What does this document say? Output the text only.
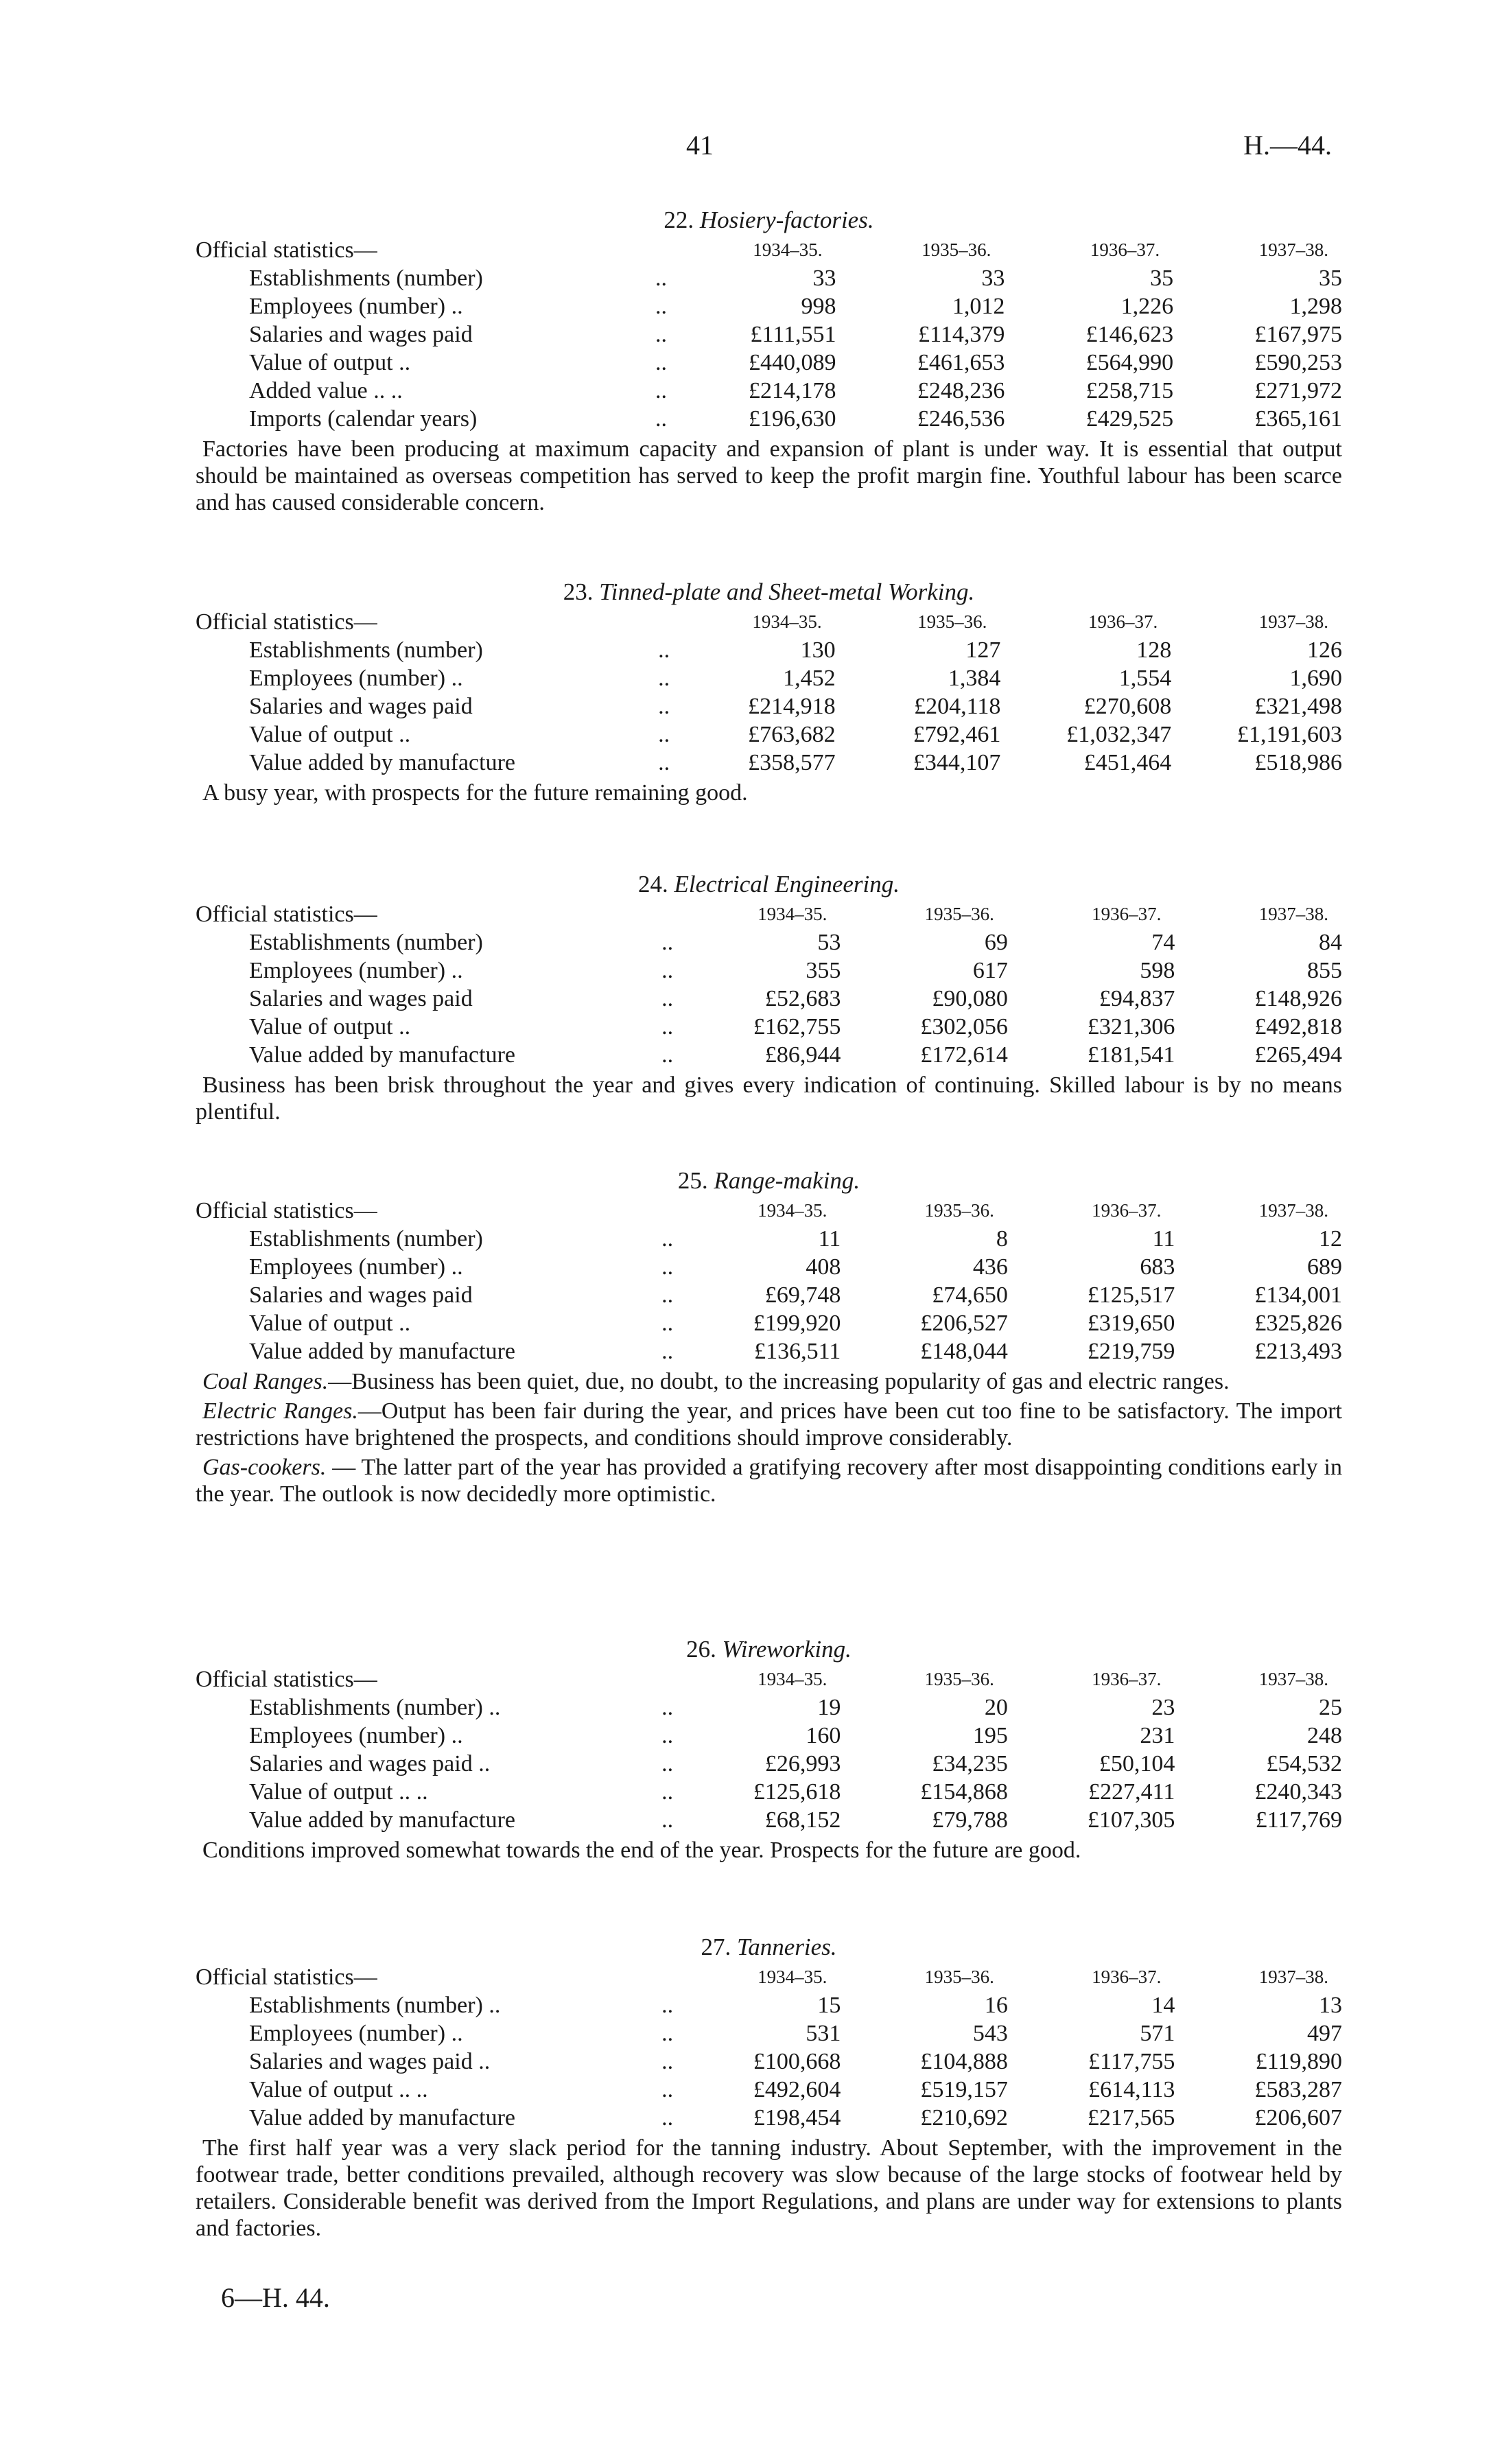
41	H.—44.
22. Hosiery-factories.
Official statistics—		1934–35.	1935–36.	1936–37.	1937–38.
Establishments (number)	..	33	33	35	35
Employees (number) ..	..	998	1,012	1,226	1,298
Salaries and wages paid	..	£111,551	£114,379	£146,623	£167,975
Value of output ..	..	£440,089	£461,653	£564,990	£590,253
Added value .. ..	..	£214,178	£248,236	£258,715	£271,972
Imports (calendar years)	..	£196,630	£246,536	£429,525	£365,161

Factories have been producing at maximum capacity and expansion of plant is under way. It is essential that output should be maintained as overseas competition has served to keep the profit margin fine. Youthful labour has been scarce and has caused considerable concern.

23. Tinned-plate and Sheet-metal Working.
Official statistics—		1934–35.	1935–36.	1936–37.	1937–38.
Establishments (number)	..	130	127	128	126
Employees (number) ..	..	1,452	1,384	1,554	1,690
Salaries and wages paid	..	£214,918	£204,118	£270,608	£321,498
Value of output ..	..	£763,682	£792,461	£1,032,347	£1,191,603
Value added by manufacture	..	£358,577	£344,107	£451,464	£518,986

A busy year, with prospects for the future remaining good.

24. Electrical Engineering.
Official statistics—		1934–35.	1935–36.	1936–37.	1937–38.
Establishments (number)	..	53	69	74	84
Employees (number) ..	..	355	617	598	855
Salaries and wages paid	..	£52,683	£90,080	£94,837	£148,926
Value of output ..	..	£162,755	£302,056	£321,306	£492,818
Value added by manufacture	..	£86,944	£172,614	£181,541	£265,494

Business has been brisk throughout the year and gives every indication of continuing. Skilled labour is by no means plentiful.

25. Range-making.
Official statistics—		1934–35.	1935–36.	1936–37.	1937–38.
Establishments (number)	..	11	8	11	12
Employees (number) ..	..	408	436	683	689
Salaries and wages paid	..	£69,748	£74,650	£125,517	£134,001
Value of output ..	..	£199,920	£206,527	£319,650	£325,826
Value added by manufacture	..	£136,511	£148,044	£219,759	£213,493

Coal Ranges.—Business has been quiet, due, no doubt, to the increasing popularity of gas and electric ranges.

Electric Ranges.—Output has been fair during the year, and prices have been cut too fine to be satisfactory. The import restrictions have brightened the prospects, and conditions should improve considerably.

Gas-cookers. — The latter part of the year has provided a gratifying recovery after most disappointing conditions early in the year. The outlook is now decidedly more optimistic.

26. Wireworking.
Official statistics—		1934–35.	1935–36.	1936–37.	1937–38.
Establishments (number) ..	..	19	20	23	25
Employees (number) ..	..	160	195	231	248
Salaries and wages paid ..	..	£26,993	£34,235	£50,104	£54,532
Value of output .. ..	..	£125,618	£154,868	£227,411	£240,343
Value added by manufacture	..	£68,152	£79,788	£107,305	£117,769

Conditions improved somewhat towards the end of the year. Prospects for the future are good.

27. Tanneries.
Official statistics—		1934–35.	1935–36.	1936–37.	1937–38.
Establishments (number) ..	..	15	16	14	13
Employees (number) ..	..	531	543	571	497
Salaries and wages paid ..	..	£100,668	£104,888	£117,755	£119,890
Value of output .. ..	..	£492,604	£519,157	£614,113	£583,287
Value added by manufacture	..	£198,454	£210,692	£217,565	£206,607

The first half year was a very slack period for the tanning industry. About September, with the improvement in the footwear trade, better conditions prevailed, although recovery was slow because of the large stocks of footwear held by retailers. Considerable benefit was derived from the Import Regulations, and plans are under way for extensions to plants and factories.

6—H. 44.
